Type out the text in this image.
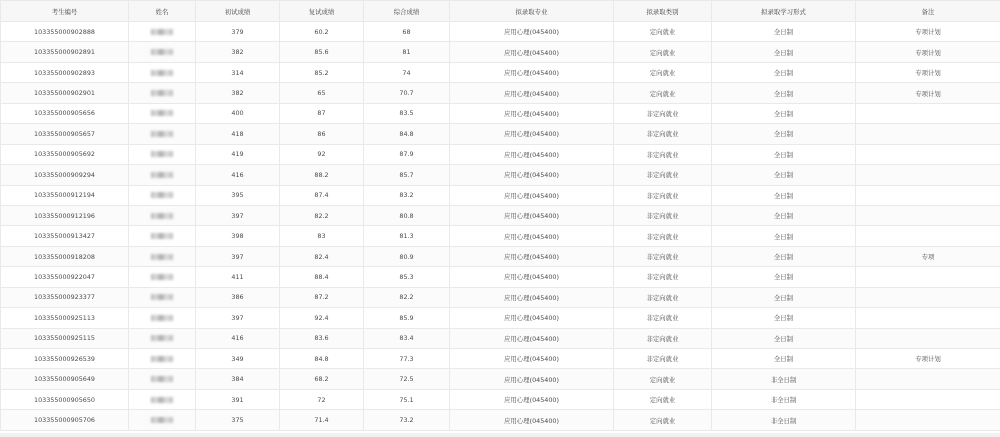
考生编号	姓名	初试成绩	复试成绩	综合成绩	拟录取专业	拟录取类别	拟录取学习形式	备注
103355000902888		379	60.2	68	应用心理(045400)	定向就业	全日制	专项计划
103355000902891		382	85.6	81	应用心理(045400)	定向就业	全日制	专项计划
103355000902893		314	85.2	74	应用心理(045400)	定向就业	全日制	专项计划
103355000902901		382	65	70.7	应用心理(045400)	定向就业	全日制	专项计划
103355000905656		400	87	83.5	应用心理(045400)	非定向就业	全日制	
103355000905657		418	86	84.8	应用心理(045400)	非定向就业	全日制	
103355000905692		419	92	87.9	应用心理(045400)	非定向就业	全日制	
103355000909294		416	88.2	85.7	应用心理(045400)	非定向就业	全日制	
103355000912194		395	87.4	83.2	应用心理(045400)	非定向就业	全日制	
103355000912196		397	82.2	80.8	应用心理(045400)	非定向就业	全日制	
103355000913427		398	83	81.3	应用心理(045400)	非定向就业	全日制	
103355000918208		397	82.4	80.9	应用心理(045400)	非定向就业	全日制	专项
103355000922047		411	88.4	85.3	应用心理(045400)	非定向就业	全日制	
103355000923377		386	87.2	82.2	应用心理(045400)	非定向就业	全日制	
103355000925113		397	92.4	85.9	应用心理(045400)	非定向就业	全日制	
103355000925115		416	83.6	83.4	应用心理(045400)	非定向就业	全日制	
103355000926539		349	84.8	77.3	应用心理(045400)	非定向就业	全日制	专项计划
103355000905649		384	68.2	72.5	应用心理(045400)	定向就业	非全日制	
103355000905650		391	72	75.1	应用心理(045400)	定向就业	非全日制	
103355000905706		375	71.4	73.2	应用心理(045400)	定向就业	非全日制	
